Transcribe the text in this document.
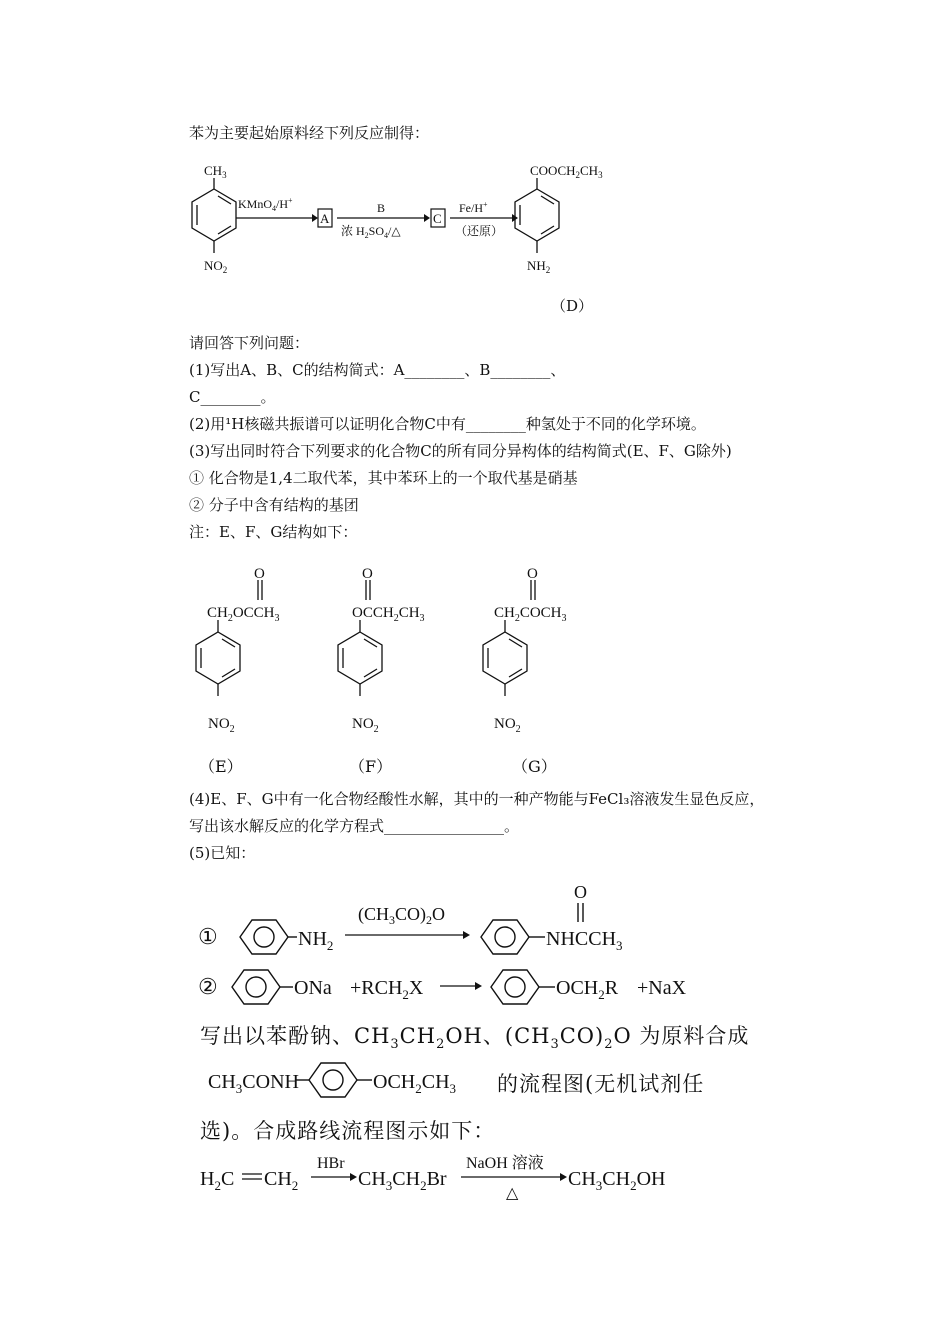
苯为主要起始原料经下列反应制得：
$CH_3$
$NO_2$
KMnO$_4$/H+
A
B
浓 $H_2SO_4/\triangle$
C
Fe/H+
（还原）
$COOCH_2CH_3$
$NH_2$
（D）
请回答下列问题：
(1)写出A、B、C的结构简式：A________、B________、
C________。
(2)用¹H核磁共振谱可以证明化合物C中有________种氢处于不同的化学环境。
(3)写出同时符合下列要求的化合物C的所有同分异构体的结构简式(E、F、G除外)
① 化合物是1,4二取代苯，其中苯环上的一个取代基是硝基
② 分子中含有结构的基团
注：E、F、G结构如下：
O
$CH_2OCCH_3$
$NO_2$
O
$OCCH_2CH_3$
$NO_2$
O
$CH_2COCH_3$
$NO_2$
（E）	（F）	（G）
(4)E、F、G中有一化合物经酸性水解，其中的一种产物能与FeCl₃溶液发生显色反应，
写出该水解反应的化学方程式________________。
(5)已知：
①	$NH_2$
$(CH_3CO)_2O$
O
$NHCCH_3$
②	ONa $+RCH_2X$	$OCH_2R +NaX$
$CH_3CONH$	$OCH_2CH_3$
$H_2C$ $CH_2$
HBr
$CH_3CH_2Br$
NaOH 溶液
△
$CH_3CH_2OH$
写出以苯酚钠、$CH_3CH_2OH$、$(CH_3CO)_2O$ 为原料合成
的流程图(无机试剂任
选)。合成路线流程图示如下：
